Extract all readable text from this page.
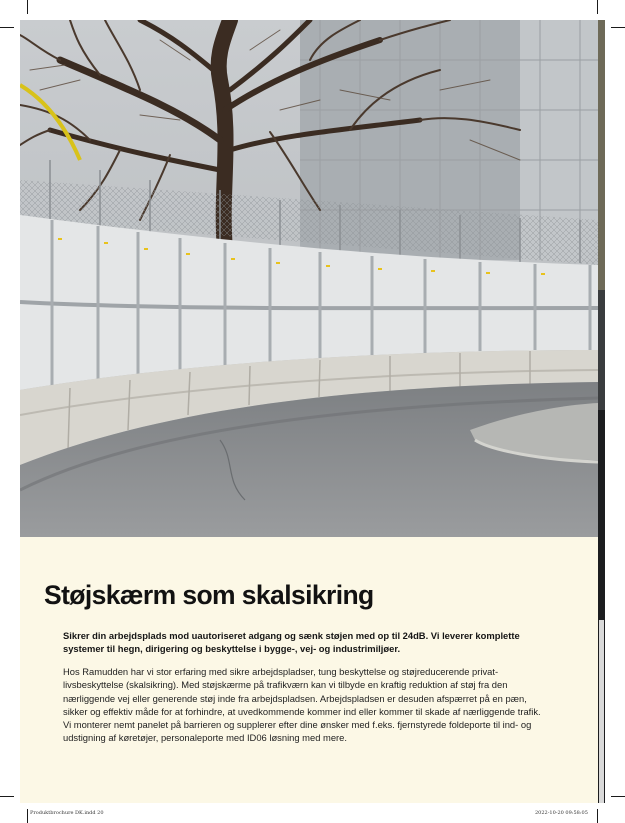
Støjskærm som skalsikring

Sikrer din arbejdsplads mod uautoriseret adgang og sænk støjen med op til 24dB. Vi leverer komplette systemer til hegn, dirigering og beskyttelse i bygge-, vej- og industrimiljøer.

Hos Ramudden har vi stor erfaring med sikre arbejdspladser, tung beskyttelse og støjreducerende privat-livsbeskyttelse (skalsikring). Med støjskærme på trafikværn kan vi tilbyde en kraftig reduktion af støj fra den nærliggende vej eller generende støj inde fra arbejdspladsen. Arbejdspladsen er desuden afspærret på en pæn, sikker og effektiv måde for at forhindre, at uvedkommende kommer ind eller kommer til skade af nærliggende trafik. Vi monterer nemt panelet på barrieren og supplerer efter dine ønsker med f.eks. fjernstyrede foldeporte til ind- og udstigning af køretøjer, personaleporte med ID06 løsning med mere.

Produktbrochure DK.indd 20	2022-10-20 09:58:05
